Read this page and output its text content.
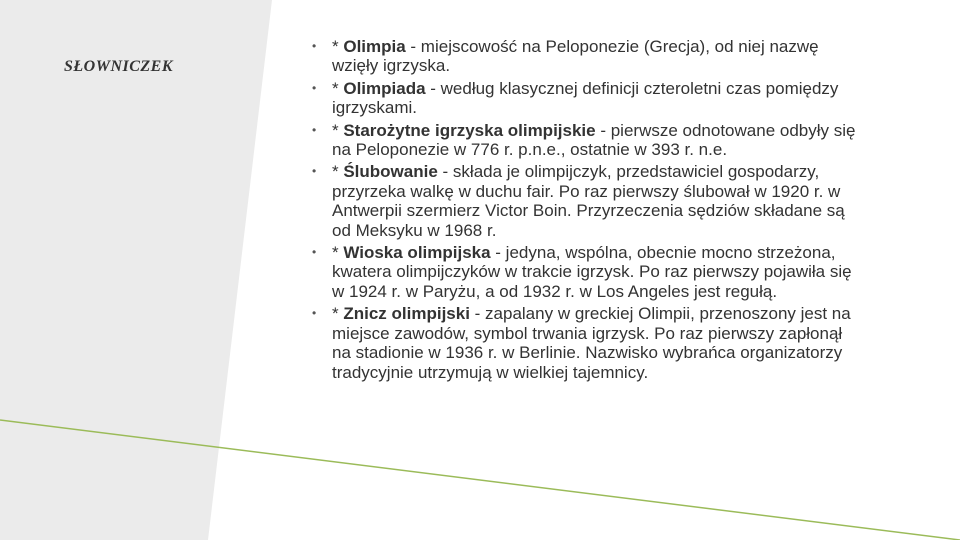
SŁOWNICZEK
• * Olimpia - miejscowość na Peloponezie (Grecja), od niej nazwę wzięły igrzyska.
• * Olimpiada - według klasycznej definicji czteroletni czas pomiędzy igrzyskami.
• * Starożytne igrzyska olimpijskie - pierwsze odnotowane odbyły się na Peloponezie w 776 r. p.n.e., ostatnie w 393 r. n.e.
• * Ślubowanie - składa je olimpijczyk, przedstawiciel gospodarzy, przyrzeka walkę w duchu fair. Po raz pierwszy ślubował w 1920 r. w Antwerpii szermierz Victor Boin. Przyrzeczenia sędziów składane są od Meksyku w 1968 r.
• * Wioska olimpijska - jedyna, wspólna, obecnie mocno strzeżona, kwatera olimpijczyków w trakcie igrzysk. Po raz pierwszy pojawiła się w 1924 r. w Paryżu, a od 1932 r. w Los Angeles jest regułą.
• * Znicz olimpijski - zapalany w greckiej Olimpii, przenoszony jest na miejsce zawodów, symbol trwania igrzysk. Po raz pierwszy zapłonął na stadionie w 1936 r. w Berlinie. Nazwisko wybrańca organizatorzy tradycyjnie utrzymują w wielkiej tajemnicy.
